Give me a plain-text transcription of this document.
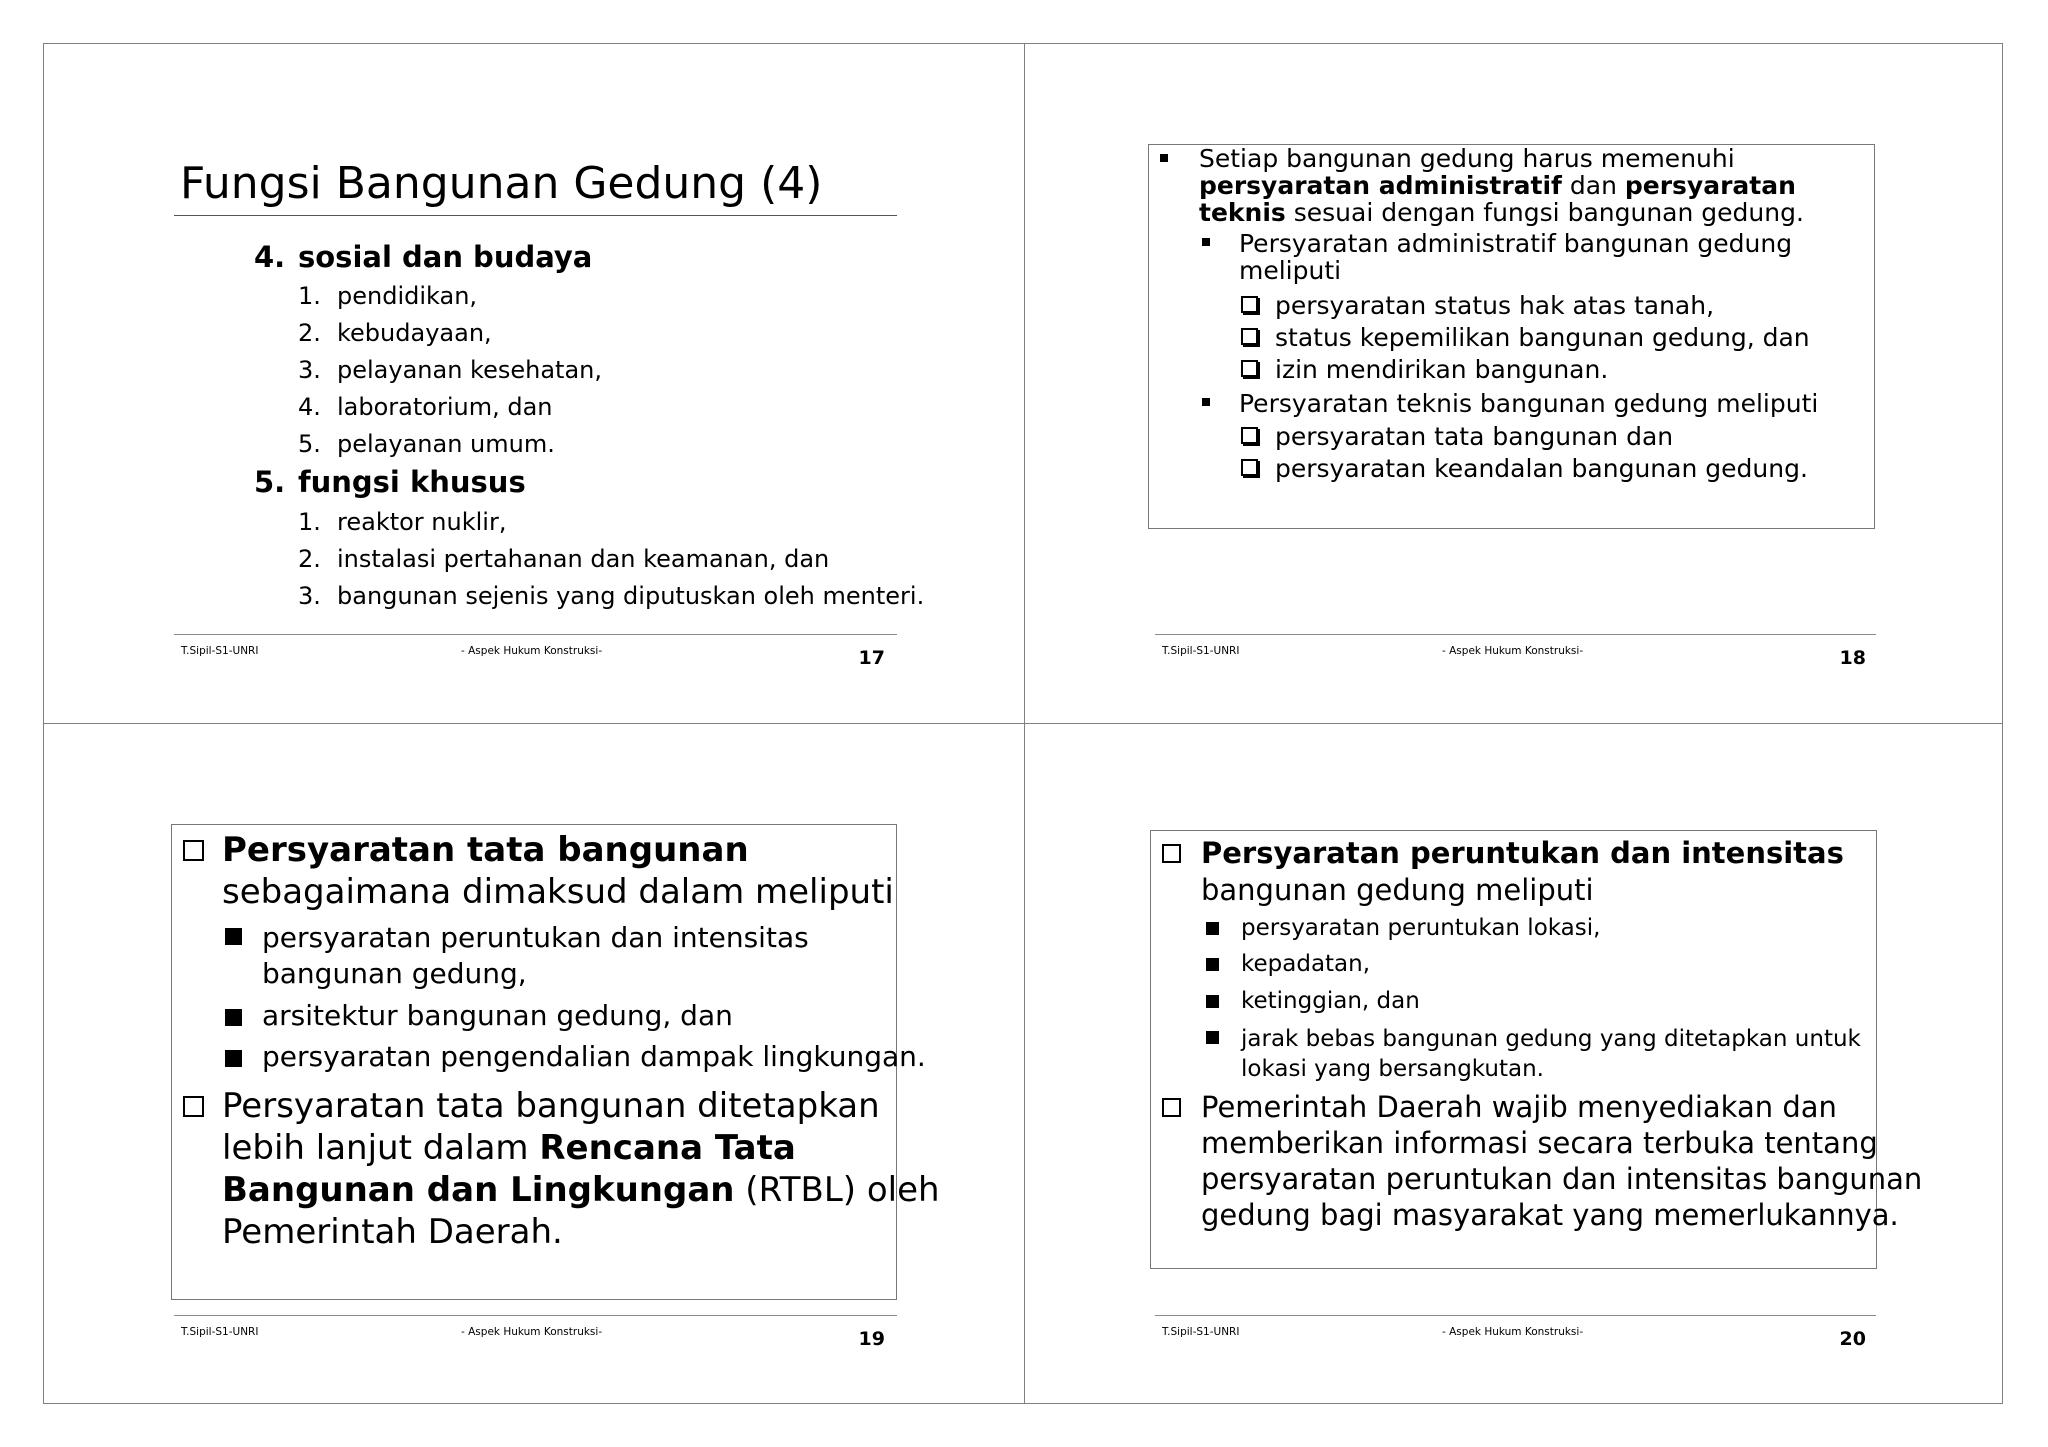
Fungsi Bangunan Gedung (4)
4. sosial dan budaya
1. pendidikan,
2. kebudayaan,
3. pelayanan kesehatan,
4. laboratorium, dan
5. pelayanan umum.
5. fungsi khusus
1. reaktor nuklir,
2. instalasi pertahanan dan keamanan, dan
3. bangunan sejenis yang diputuskan oleh menteri.
T.Sipil-S1-UNRI	- Aspek Hukum Konstruksi-	17
Setiap bangunan gedung harus memenuhi
persyaratan administratif dan persyaratan
teknis sesuai dengan fungsi bangunan gedung.
Persyaratan administratif bangunan gedung
meliputi
persyaratan status hak atas tanah,
status kepemilikan bangunan gedung, dan
izin mendirikan bangunan.
Persyaratan teknis bangunan gedung meliputi
persyaratan tata bangunan dan
persyaratan keandalan bangunan gedung.
T.Sipil-S1-UNRI	- Aspek Hukum Konstruksi-	18
Persyaratan tata bangunan
sebagaimana dimaksud dalam meliputi
persyaratan peruntukan dan intensitas
bangunan gedung,
arsitektur bangunan gedung, dan
persyaratan pengendalian dampak lingkungan.
Persyaratan tata bangunan ditetapkan
lebih lanjut dalam Rencana Tata
Bangunan dan Lingkungan (RTBL) oleh
Pemerintah Daerah.
T.Sipil-S1-UNRI	- Aspek Hukum Konstruksi-	19
Persyaratan peruntukan dan intensitas
bangunan gedung meliputi
persyaratan peruntukan lokasi,
kepadatan,
ketinggian, dan
jarak bebas bangunan gedung yang ditetapkan untuk
lokasi yang bersangkutan.
Pemerintah Daerah wajib menyediakan dan
memberikan informasi secara terbuka tentang
persyaratan peruntukan dan intensitas bangunan
gedung bagi masyarakat yang memerlukannya.
T.Sipil-S1-UNRI	- Aspek Hukum Konstruksi-	20
